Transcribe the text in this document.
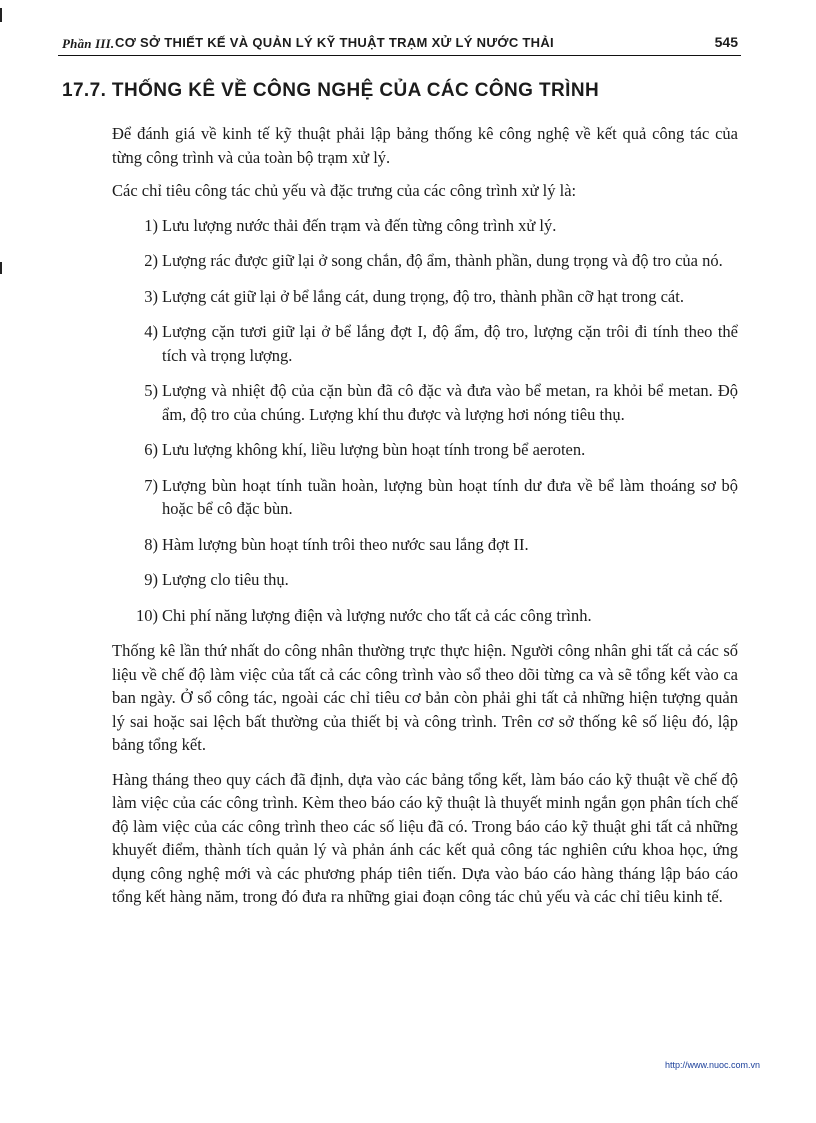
Phần III. CƠ SỞ THIẾT KẾ VÀ QUẢN LÝ KỸ THUẬT TRẠM XỬ LÝ NƯỚC THẢI	545
17.7. THỐNG KÊ VỀ CÔNG NGHỆ CỦA CÁC CÔNG TRÌNH

Để đánh giá về kinh tế kỹ thuật phải lập bảng thống kê công nghệ về kết quả công tác của từng công trình và của toàn bộ trạm xử lý.

Các chỉ tiêu công tác chủ yếu và đặc trưng của các công trình xử lý là:

1) Lưu lượng nước thải đến trạm và đến từng công trình xử lý.
2) Lượng rác được giữ lại ở song chắn, độ ẩm, thành phần, dung trọng và độ tro của nó.
3) Lượng cát giữ lại ở bể lắng cát, dung trọng, độ tro, thành phần cỡ hạt trong cát.
4) Lượng cặn tươi giữ lại ở bể lắng đợt I, độ ẩm, độ tro, lượng cặn trôi đi tính theo thể tích và trọng lượng.
5) Lượng và nhiệt độ của cặn bùn đã cô đặc và đưa vào bể metan, ra khỏi bể metan. Độ ẩm, độ tro của chúng. Lượng khí thu được và lượng hơi nóng tiêu thụ.
6) Lưu lượng không khí, liều lượng bùn hoạt tính trong bể aeroten.
7) Lượng bùn hoạt tính tuần hoàn, lượng bùn hoạt tính dư đưa về bể làm thoáng sơ bộ hoặc bể cô đặc bùn.
8) Hàm lượng bùn hoạt tính trôi theo nước sau lắng đợt II.
9) Lượng clo tiêu thụ.
10) Chi phí năng lượng điện và lượng nước cho tất cả các công trình.

Thống kê lần thứ nhất do công nhân thường trực thực hiện. Người công nhân ghi tất cả các số liệu về chế độ làm việc của tất cả các công trình vào sổ theo dõi từng ca và sẽ tổng kết vào ca ban ngày. Ở sổ công tác, ngoài các chỉ tiêu cơ bản còn phải ghi tất cả những hiện tượng quản lý sai hoặc sai lệch bất thường của thiết bị và công trình. Trên cơ sở thống kê số liệu đó, lập bảng tổng kết.

Hàng tháng theo quy cách đã định, dựa vào các bảng tổng kết, làm báo cáo kỹ thuật về chế độ làm việc của các công trình. Kèm theo báo cáo kỹ thuật là thuyết minh ngắn gọn phân tích chế độ làm việc của các công trình theo các số liệu đã có. Trong báo cáo kỹ thuật ghi tất cả những khuyết điểm, thành tích quản lý và phản ánh các kết quả công tác nghiên cứu khoa học, ứng dụng công nghệ mới và các phương pháp tiên tiến. Dựa vào báo cáo hàng tháng lập báo cáo tổng kết hàng năm, trong đó đưa ra những giai đoạn công tác chủ yếu và các chỉ tiêu kinh tế.

http://www.nuoc.com.vn
